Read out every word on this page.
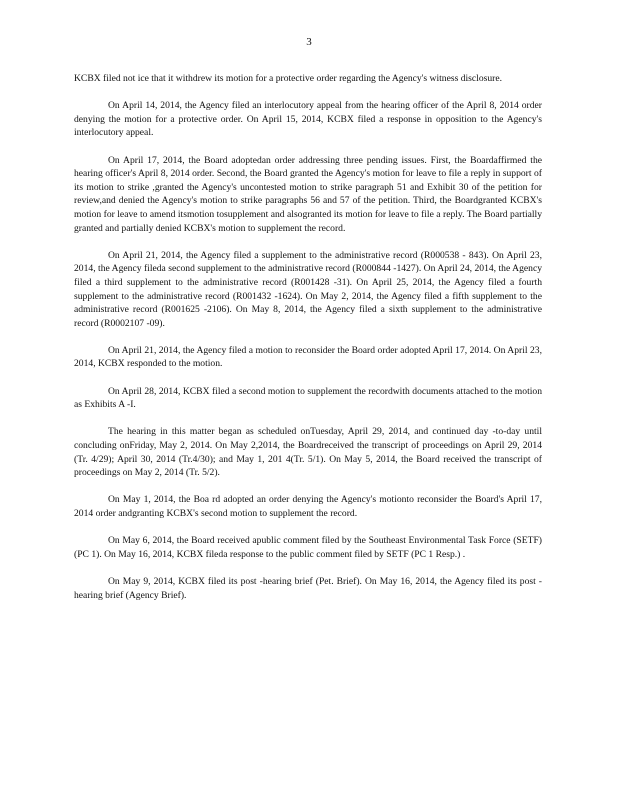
3

KCBX filed not ice that it withdrew its motion for a protective order regarding the Agency's witness disclosure.

On April 14, 2014, the Agency filed an interlocutory appeal from the hearing officer of the April 8, 2014 order denying the motion for a protective order. On April 15, 2014, KCBX filed a response in opposition to the Agency's interlocutory appeal.

On April 17, 2014, the Board adoptedan order addressing three pending issues. First, the Boardaffirmed the hearing officer's April 8, 2014 order. Second, the Board granted the Agency's motion for leave to file a reply in support of its motion to strike ,granted the Agency's uncontested motion to strike paragraph 51 and Exhibit 30 of the petition for review,and denied the Agency's motion to strike paragraphs 56 and 57 of the petition. Third, the Boardgranted KCBX's motion for leave to amend itsmotion tosupplement and alsogranted its motion for leave to file a reply. The Board partially granted and partially denied KCBX's motion to supplement the record.

On April 21, 2014, the Agency filed a supplement to the administrative record (R000538 - 843). On April 23, 2014, the Agency fileda second supplement to the administrative record (R000844 -1427). On April 24, 2014, the Agency filed a third supplement to the administrative record (R001428 -31). On April 25, 2014, the Agency filed a fourth supplement to the administrative record (R001432 -1624). On May 2, 2014, the Agency filed a fifth supplement to the administrative record (R001625 -2106). On May 8, 2014, the Agency filed a sixth supplement to the administrative record (R0002107 -09).

On April 21, 2014, the Agency filed a motion to reconsider the Board order adopted April 17, 2014. On April 23, 2014, KCBX responded to the motion.

On April 28, 2014, KCBX filed a second motion to supplement the recordwith documents attached to the motion as Exhibits A -I.

The hearing in this matter began as scheduled onTuesday, April 29, 2014, and continued day -to-day until concluding onFriday, May 2, 2014. On May 2,2014, the Boardreceived the transcript of proceedings on April 29, 2014 (Tr. 4/29); April 30, 2014 (Tr.4/30); and May 1, 201 4(Tr. 5/1). On May 5, 2014, the Board received the transcript of proceedings on May 2, 2014 (Tr. 5/2).

On May 1, 2014, the Boa rd adopted an order denying the Agency's motionto reconsider the Board's April 17, 2014 order andgranting KCBX's second motion to supplement the record.

On May 6, 2014, the Board received apublic comment filed by the Southeast Environmental Task Force (SETF) (PC 1). On May 16, 2014, KCBX fileda response to the public comment filed by SETF (PC 1 Resp.) .

On May 9, 2014, KCBX filed its post -hearing brief (Pet. Brief). On May 16, 2014, the Agency filed its post -hearing brief (Agency Brief).
